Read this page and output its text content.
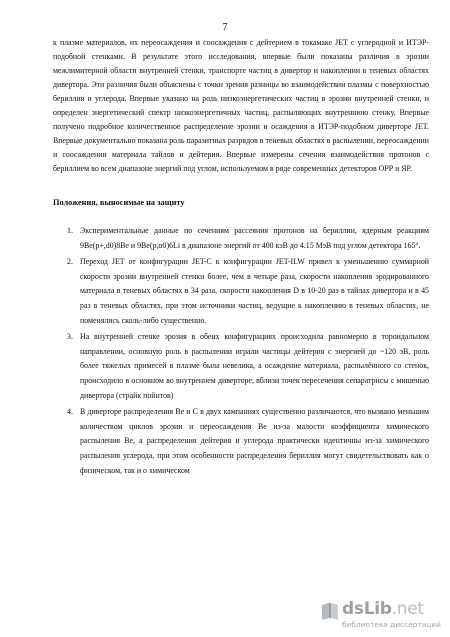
7

к плазме материалов, их переосаждения и соосаждения с дейтерием в токамаке JET с углеродной и ИТЭР-подобной стенками. В результате этого исследования, впервые были показаны различия в эрозии межлимитерной области внутренней стенки, транспорте частиц в дивертор и накоплении в теневых областях дивертора. Эти различия были объяснены с точки зрения разницы во взаимодействии плазмы с поверхностью бериллия и углерода. Впервые указано на роль низкоэнергетических частиц в эрозии внутренней стенки, и определен энергетический спектр низкоэнергетичных частиц, распыляющих внутреннюю стенку. Впервые получено подробное количественное распределение эрозии и осаждения в ИТЭР-подобном диверторе JET. Впервые документально показана роль паразитных разрядов в теневых областях в распылении, переосаждении и соосаждении материала тайлов и дейтерия. Впервые измерены сечения взаимодействия протонов с бериллием во всем диапазоне энергий под углом, используемом в ряде современных детекторов ОРР и ЯР.

Положения, выносимые на защиту
1. Экспериментальные данные по сечениям рассеяния протонов на бериллии, ядерным реакциям 9Be(p+,d0)8Be и 9Be(p,α0)6Li в диапазоне энергий от 400 кэВ до 4.15 МэВ под углом детектора 165°.
2. Переход JET от конфигурации JET-C к конфигурации JET-ILW привел к уменьшению суммарной скорости эрозии внутренней стенки более, чем в четыре раза, скорости накопления эродированного материала в теневых областях в 34 раза, скорости накопления D в 10-20 раз в тайлах дивертора и в 45 раз в теневых областях, при этом источники частиц, ведущие к накоплению в теневых областях, не поменялись сколь-либо существенно.
3. На внутренней стенке эрозия в обеих конфигурациях происходила равномерно в тороидальном направлении, основную роль в распылении играли частицы дейтерия с энергией до ~120 эВ, роль более тяжелых примесей в плазме была невелика, а осаждение материала, распылённого со стенок, происходило в основном во внутреннем диверторе, вблизи точек пересечения сепаратрисы с мишенью дивертора (страйк пойнтов)
4. В диверторе распределения Be и C в двух кампаниях существенно различаются, что вызвано меньшим количеством циклов эрозии и переосаждения Be из-за малости коэффициента химического распыления Be, а распределения дейтерия и углерода практически идентичны из-за химического распыления углерода, при этом особенности распределения бериллия могут свидетельствовать как о физическом, так и о химическом
dsLib.net
библиотека диссертаций
